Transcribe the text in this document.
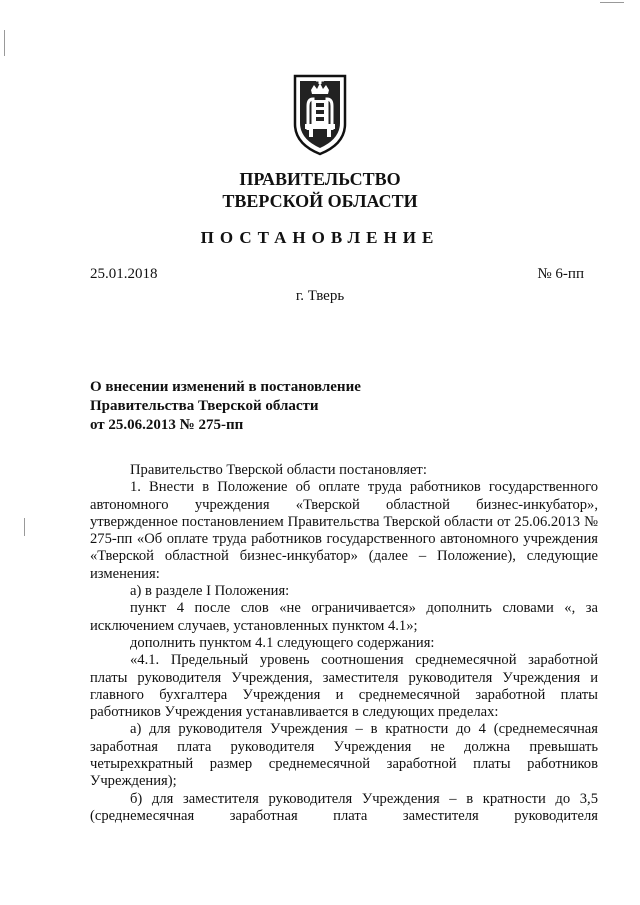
ПРАВИТЕЛЬСТВО
ТВЕРСКОЙ ОБЛАСТИ
ПОСТАНОВЛЕНИЕ
25.01.2018	№ 6-пп
г. Тверь
О внесении изменений в постановление
Правительства Тверской области
от 25.06.2013 № 275-пп

Правительство Тверской области постановляет:

1. Внести в Положение об оплате труда работников государственного автономного учреждения «Тверской областной бизнес-инкубатор», утвержденное постановлением Правительства Тверской области от 25.06.2013 № 275-пп «Об оплате труда работников государственного автономного учреждения «Тверской областной бизнес-инкубатор» (далее – Положение), следующие изменения:

а) в разделе I Положения:

пункт 4 после слов «не ограничивается» дополнить словами «, за исключением случаев, установленных пунктом 4.1»;

дополнить пунктом 4.1 следующего содержания:

«4.1. Предельный уровень соотношения среднемесячной заработной платы руководителя Учреждения, заместителя руководителя Учреждения и главного бухгалтера Учреждения и среднемесячной заработной платы работников Учреждения устанавливается в следующих пределах:

а) для руководителя Учреждения – в кратности до 4 (среднемесячная заработная плата руководителя Учреждения не должна превышать четырехкратный размер среднемесячной заработной платы работников Учреждения);

б) для заместителя руководителя Учреждения – в кратности до 3,5 (среднемесячная заработная плата заместителя руководителя
